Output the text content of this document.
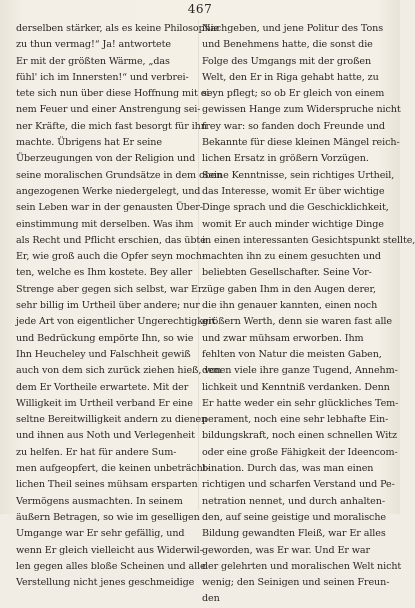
467
derselben stärker, als es keine Philosophie
zu thun vermag!“ Ja! antwortete
Er mit der größten Wärme, „das
fühl' ich im Innersten!“ und verbrei-
tete sich nun über diese Hoffnung mit ei-
nem Feuer und einer Anstrengung sei-
ner Kräfte, die mich fast besorgt für ihn
machte. Übrigens hat Er seine
Überzeugungen von der Religion und
seine moralischen Grundsätze in dem oben
angezogenen Werke niedergelegt, und
sein Leben war in der genausten Über-
einstimmung mit derselben. Was ihm
als Recht und Pflicht erschien, das übte
Er, wie groß auch die Opfer seyn moch-
ten, welche es Ihm kostete. Bey aller
Strenge aber gegen sich selbst, war Er
sehr billig im Urtheil über andere; nur
jede Art von eigentlicher Ungerechtigkeit
und Bedrückung empörte Ihn, so wie
Ihn Heucheley und Falschheit gewiß
auch von dem sich zurück ziehen hieß, von
dem Er Vortheile erwartete. Mit der
Willigkeit im Urtheil verband Er eine
seltne Bereitwilligkeit andern zu dienen
und ihnen aus Noth und Verlegenheit
zu helfen. Er hat für andere Sum-
men aufgeopfert, die keinen unbeträcht-
lichen Theil seines mühsam ersparten
Vermögens ausmachten. In seinem
äußern Betragen, so wie im geselligen
Umgange war Er sehr gefällig, und
wenn Er gleich vielleicht aus Widerwil-
len gegen alles bloße Scheinen und alle
Verstellung nicht jenes geschmeidige
Nachgeben, und jene Politur des Tons
und Benehmens hatte, die sonst die
Folge des Umgangs mit der großen
Welt, den Er in Riga gehabt hatte, zu
seyn pflegt; so ob Er gleich von einem
gewissen Hange zum Widerspruche nicht
frey war: so fanden doch Freunde und
Bekannte für diese kleinen Mängel reich-
lichen Ersatz in größern Vorzügen.
Seine Kenntnisse, sein richtiges Urtheil,
das Interesse, womit Er über wichtige
Dinge sprach und die Geschicklichkeit,
womit Er auch minder wichtige Dinge
in einen interessanten Gesichtspunkt stellte,
machten ihn zu einem gesuchten und
beliebten Gesellschafter. Seine Vor-
züge gaben Ihm in den Augen derer,
die ihn genauer kannten, einen noch
größern Werth, denn sie waren fast alle
und zwar mühsam erworben. Ihm
fehlten von Natur die meisten Gaben,
denen viele ihre ganze Tugend, Annehm-
lichkeit und Kenntniß verdanken. Denn
Er hatte weder ein sehr glückliches Tem-
perament, noch eine sehr lebhafte Ein-
bildungskraft, noch einen schnellen Witz
oder eine große Fähigkeit der Ideencom-
bination. Durch das, was man einen
richtigen und scharfen Verstand und Pe-
netration nennet, und durch anhalten-
den, auf seine geistige und moralische
Bildung gewandten Fleiß, war Er alles
geworden, was Er war. Und Er war
der gelehrten und moralischen Welt nicht
wenig; den Seinigen und seinen Freun-
den
